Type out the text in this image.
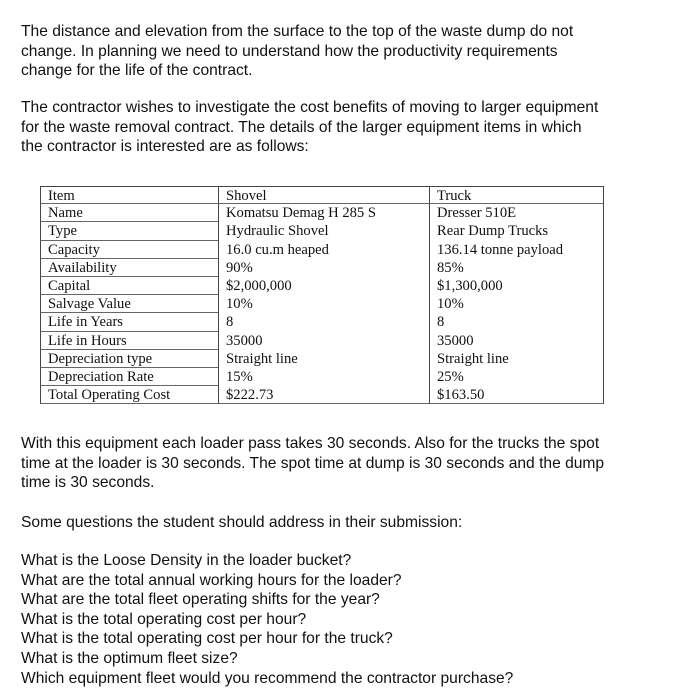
The distance and elevation from the surface to the top of the waste dump do not
change. In planning we need to understand how the productivity requirements
change for the life of the contract.
The contractor wishes to investigate the cost benefits of moving to larger equipment
for the waste removal contract. The details of the larger equipment items in which
the contractor is interested are as follows:
Item
Name
Type
Capacity
Availability
Capital
Salvage Value
Life in Years
Life in Hours
Depreciation type
Depreciation Rate
Total Operating Cost
Shovel
Komatsu Demag H 285 S
Hydraulic Shovel
16.0 cu.m heaped
90%
$2,000,000
10%
8
35000
Straight line
15%
$222.73
Truck
Dresser 510E
Rear Dump Trucks
136.14 tonne payload
85%
$1,300,000
10%
8
35000
Straight line
25%
$163.50
With this equipment each loader pass takes 30 seconds. Also for the trucks the spot
time at the loader is 30 seconds. The spot time at dump is 30 seconds and the dump
time is 30 seconds.
Some questions the student should address in their submission:
What is the Loose Density in the loader bucket?
What are the total annual working hours for the loader?
What are the total fleet operating shifts for the year?
What is the total operating cost per hour?
What is the total operating cost per hour for the truck?
What is the optimum fleet size?
Which equipment fleet would you recommend the contractor purchase?
